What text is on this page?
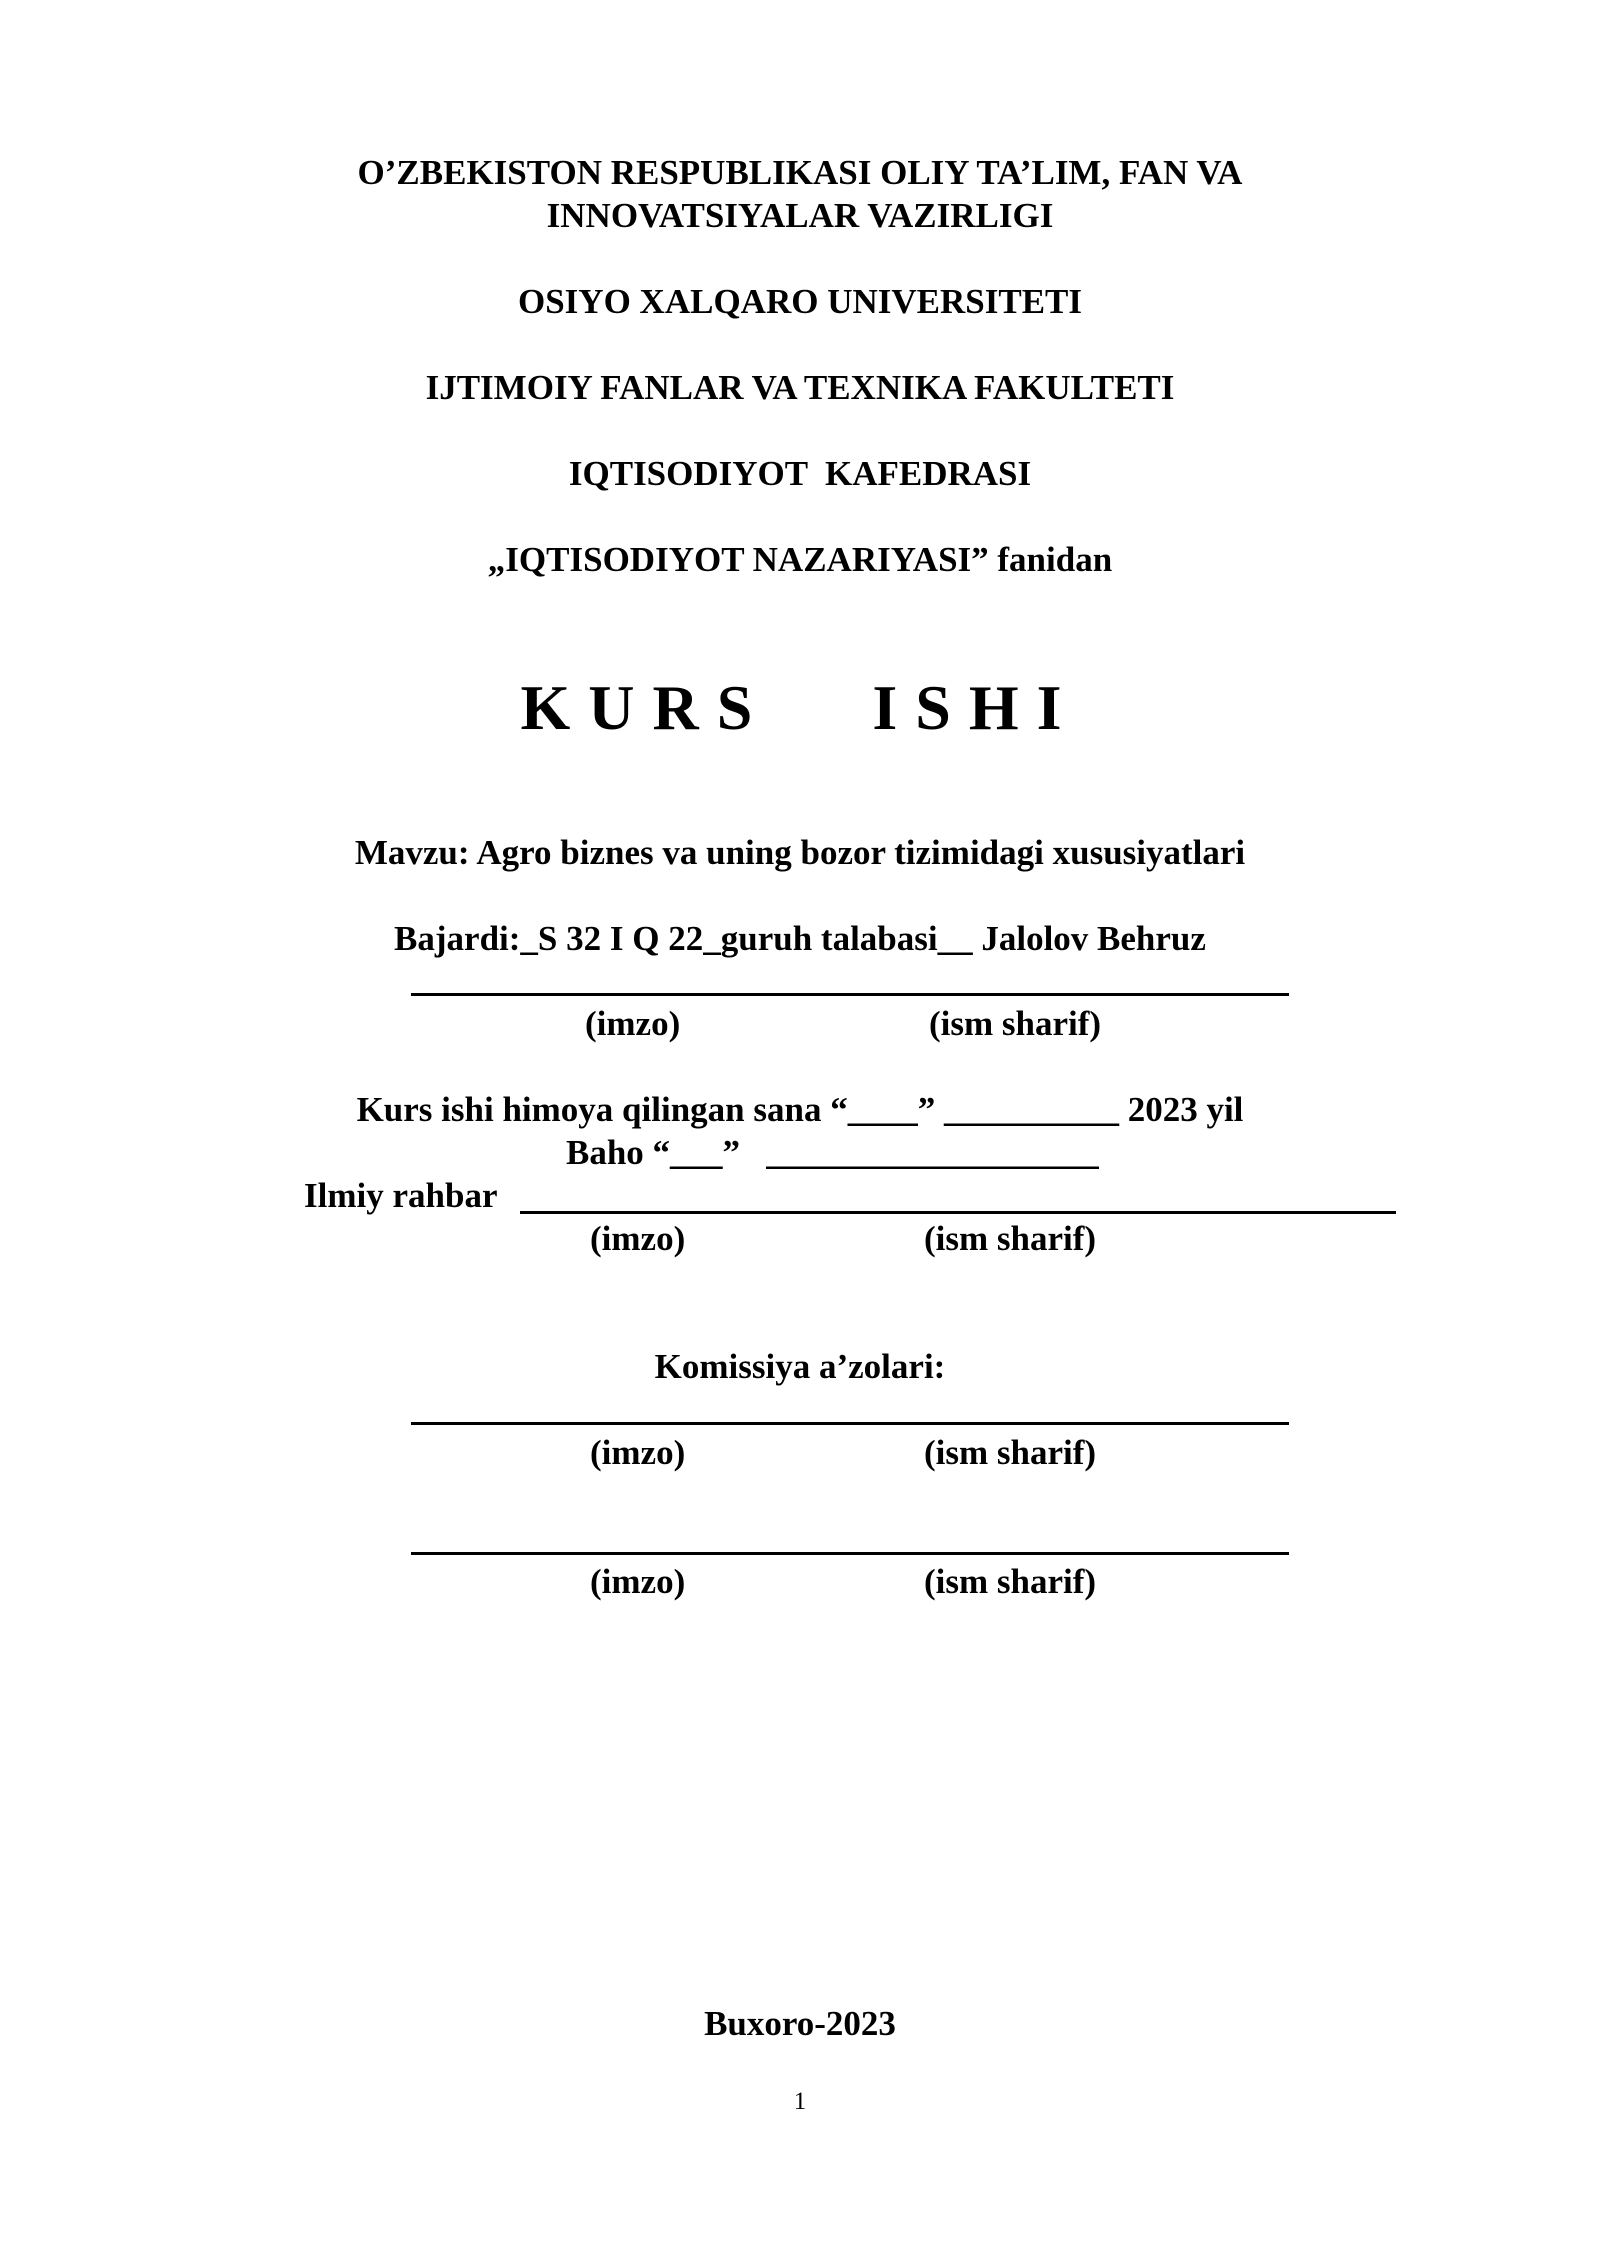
O’ZBEKISTON RESPUBLIKASI OLIY TA’LIM, FAN VA
INNOVATSIYALAR VAZIRLIGI
OSIYO XALQARO UNIVERSITETI
IJTIMOIY FANLAR VA TEXNIKA FAKULTETI
IQTISODIYOT  KAFEDRASI
„IQTISODIYOT NAZARIYASI” fanidan
KURS   ISHI
Mavzu: Agro biznes va uning bozor tizimidagi xususiyatlari
Bajardi:_S 32 I Q 22_guruh talabasi__ Jalolov Behruz
(imzo)	(ism sharif)
Kurs ishi himoya qilingan sana “____” __________ 2023 yil
Baho “___”   ___________________
Ilmiy rahbar
(imzo)	(ism sharif)
Komissiya a’zolari:
(imzo)	(ism sharif)
(imzo)	(ism sharif)
Buxoro-2023
1
